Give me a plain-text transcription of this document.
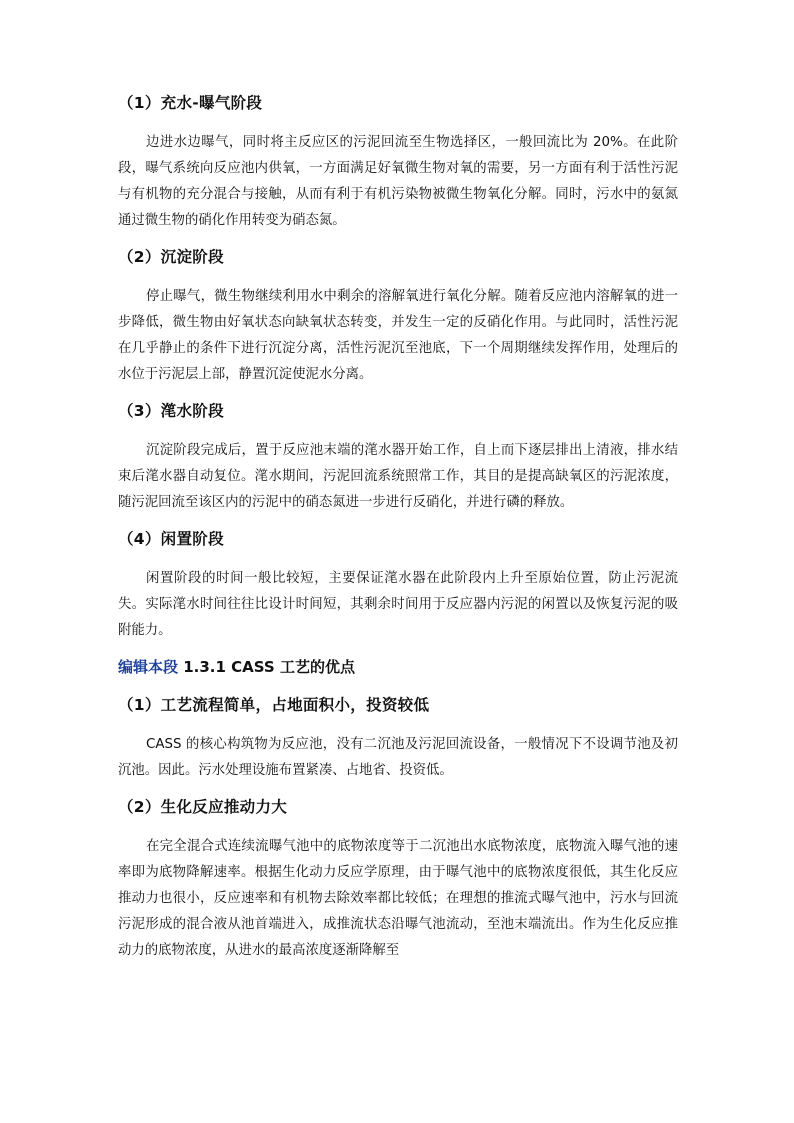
（1）充水-曝气阶段

边进水边曝气，同时将主反应区的污泥回流至生物选择区，一般回流比为 20%。在此阶段，曝气系统向反应池内供氧，一方面满足好氧微生物对氧的需要，另一方面有利于活性污泥与有机物的充分混合与接触，从而有利于有机污染物被微生物氧化分解。同时，污水中的氨氮通过微生物的硝化作用转变为硝态氮。

（2）沉淀阶段

停止曝气，微生物继续利用水中剩余的溶解氧进行氧化分解。随着反应池内溶解氧的进一步降低，微生物由好氧状态向缺氧状态转变，并发生一定的反硝化作用。与此同时，活性污泥在几乎静止的条件下进行沉淀分离，活性污泥沉至池底，下一个周期继续发挥作用，处理后的水位于污泥层上部，静置沉淀使泥水分离。

（3）滗水阶段

沉淀阶段完成后，置于反应池末端的滗水器开始工作，自上而下逐层排出上清液，排水结束后滗水器自动复位。滗水期间，污泥回流系统照常工作，其目的是提高缺氧区的污泥浓度，随污泥回流至该区内的污泥中的硝态氮进一步进行反硝化，并进行磷的释放。

（4）闲置阶段

闲置阶段的时间一般比较短，主要保证滗水器在此阶段内上升至原始位置，防止污泥流失。实际滗水时间往往比设计时间短，其剩余时间用于反应器内污泥的闲置以及恢复污泥的吸附能力。

编辑本段 1.3.1 CASS 工艺的优点
（1）工艺流程简单，占地面积小，投资较低

CASS 的核心构筑物为反应池，没有二沉池及污泥回流设备，一般情况下不设调节池及初沉池。因此。污水处理设施布置紧凑、占地省、投资低。

（2）生化反应推动力大

在完全混合式连续流曝气池中的底物浓度等于二沉池出水底物浓度，底物流入曝气池的速率即为底物降解速率。根据生化动力反应学原理，由于曝气池中的底物浓度很低，其生化反应推动力也很小，反应速率和有机物去除效率都比较低；在理想的推流式曝气池中，污水与回流污泥形成的混合液从池首端进入，成推流状态沿曝气池流动，至池末端流出。作为生化反应推动力的底物浓度，从进水的最高浓度逐渐降解至
